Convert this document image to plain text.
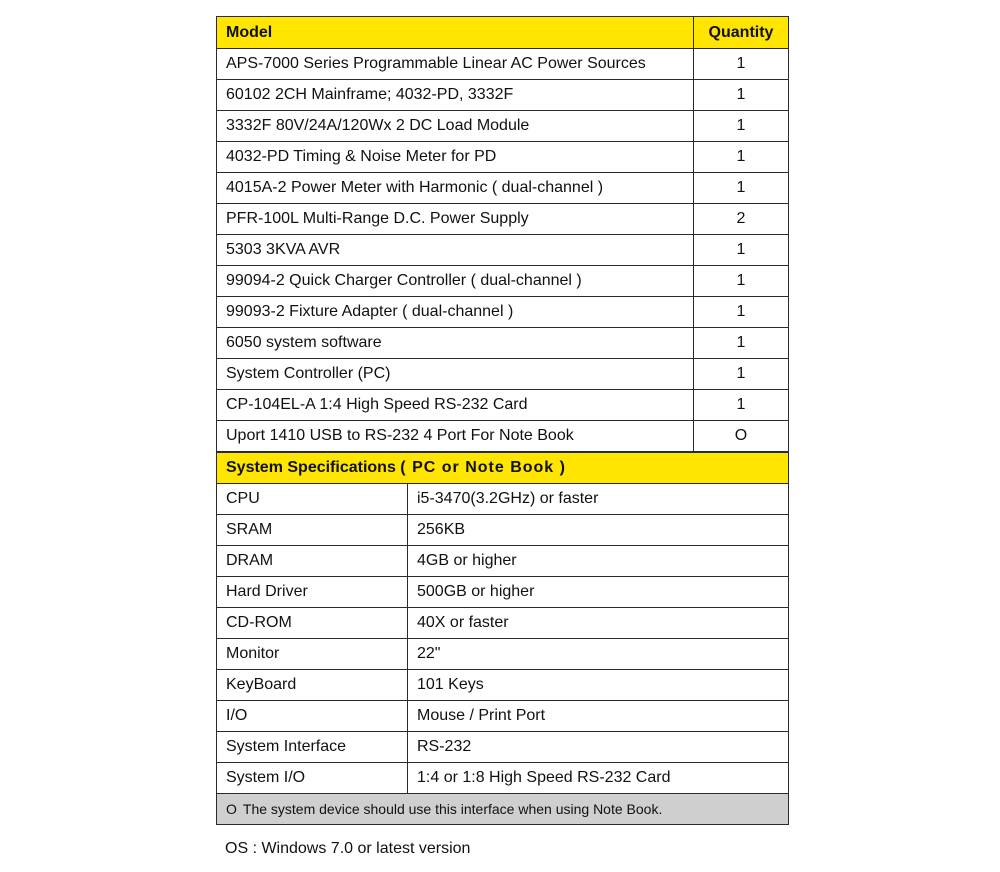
Model	Quantity
APS-7000 Series Programmable Linear AC Power Sources	1
60102 2CH Mainframe; 4032-PD, 3332F	1
3332F 80V/24A/120Wx 2 DC Load Module	1
4032-PD Timing & Noise Meter for PD	1
4015A-2 Power Meter with Harmonic ( dual-channel )	1
PFR-100L Multi-Range D.C. Power Supply	2
5303 3KVA AVR	1
99094-2 Quick Charger Controller ( dual-channel )	1
99093-2 Fixture Adapter ( dual-channel )	1
6050 system software	1
System Controller (PC)	1
CP-104EL-A 1:4 High Speed RS-232 Card	1
Uport 1410 USB to RS-232 4 Port For Note Book	O
System Specifications ( PC or Note Book )	
CPU	i5-3470(3.2GHz) or faster
SRAM	256KB
DRAM	4GB or higher
Hard Driver	500GB or higher
CD-ROM	40X or faster
Monitor	22"
KeyBoard	101 Keys
I/O	Mouse / Print Port
System Interface	RS-232
System I/O	1:4 or 1:8 High Speed RS-232 Card
O The system device should use this interface when using Note Book.	
OS : Windows 7.0 or latest version
